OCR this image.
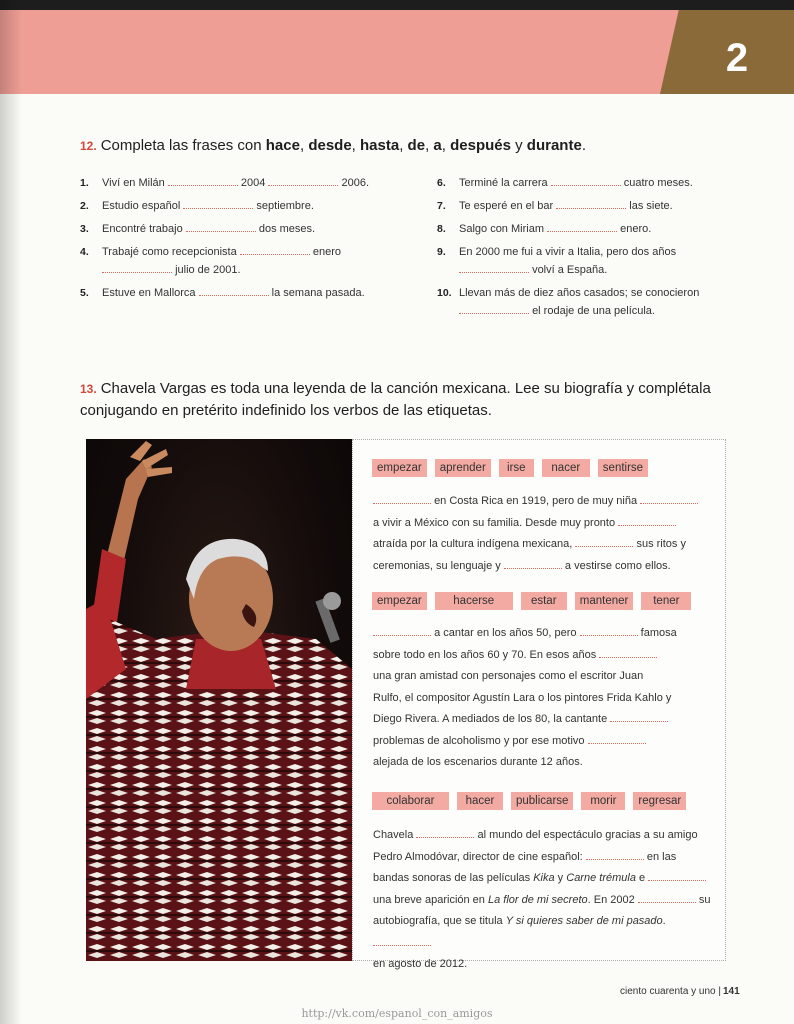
2
12. Completa las frases con hace, desde, hasta, de, a, después y durante.
1. Viví en Milán	2004	2006.
2. Estudio español	septiembre.
3. Encontré trabajo	dos meses.
4. Trabajé como recepcionista	enero
julio de 2001.
5. Estuve en Mallorca	la semana pasada.
6. Terminé la carrera	cuatro meses.
7. Te esperé en el bar	las siete.
8. Salgo con Miriam	enero.
9. En 2000 me fui a vivir a Italia, pero dos años
volví a España.
10. Llevan más de diez años casados; se conocieron
el rodaje de una película.
13. Chavela Vargas es toda una leyenda de la canción mexicana. Lee su biografía y complétala
conjugando en pretérito indefinido los verbos de las etiquetas.
empezar	aprender	irse	nacer	sentirse
en Costa Rica en 1919, pero de muy niña
a vivir a México con su familia. Desde muy pronto
atraída por la cultura indígena mexicana,	sus ritos y
ceremonias, su lenguaje y	a vestirse como ellos.
empezar	hacerse	estar	mantener	tener
a cantar en los años 50, pero	famosa
sobre todo en los años 60 y 70. En esos años
una gran amistad con personajes como el escritor Juan
Rulfo, el compositor Agustín Lara o los pintores Frida Kahlo y
Diego Rivera. A mediados de los 80, la cantante
problemas de alcoholismo y por ese motivo
alejada de los escenarios durante 12 años.
colaborar	hacer	publicarse	morir	regresar
Chavela	al mundo del espectáculo gracias a su amigo
Pedro Almodóvar, director de cine español:	en las
bandas sonoras de las películas Kika y Carne trémula e
una breve aparición en La flor de mi secreto. En 2002	su
autobiografía, que se titula Y si quieres saber de mi pasado.
en agosto de 2012.
ciento cuarenta y uno | 141
http://vk.com/espanol_con_amigos
